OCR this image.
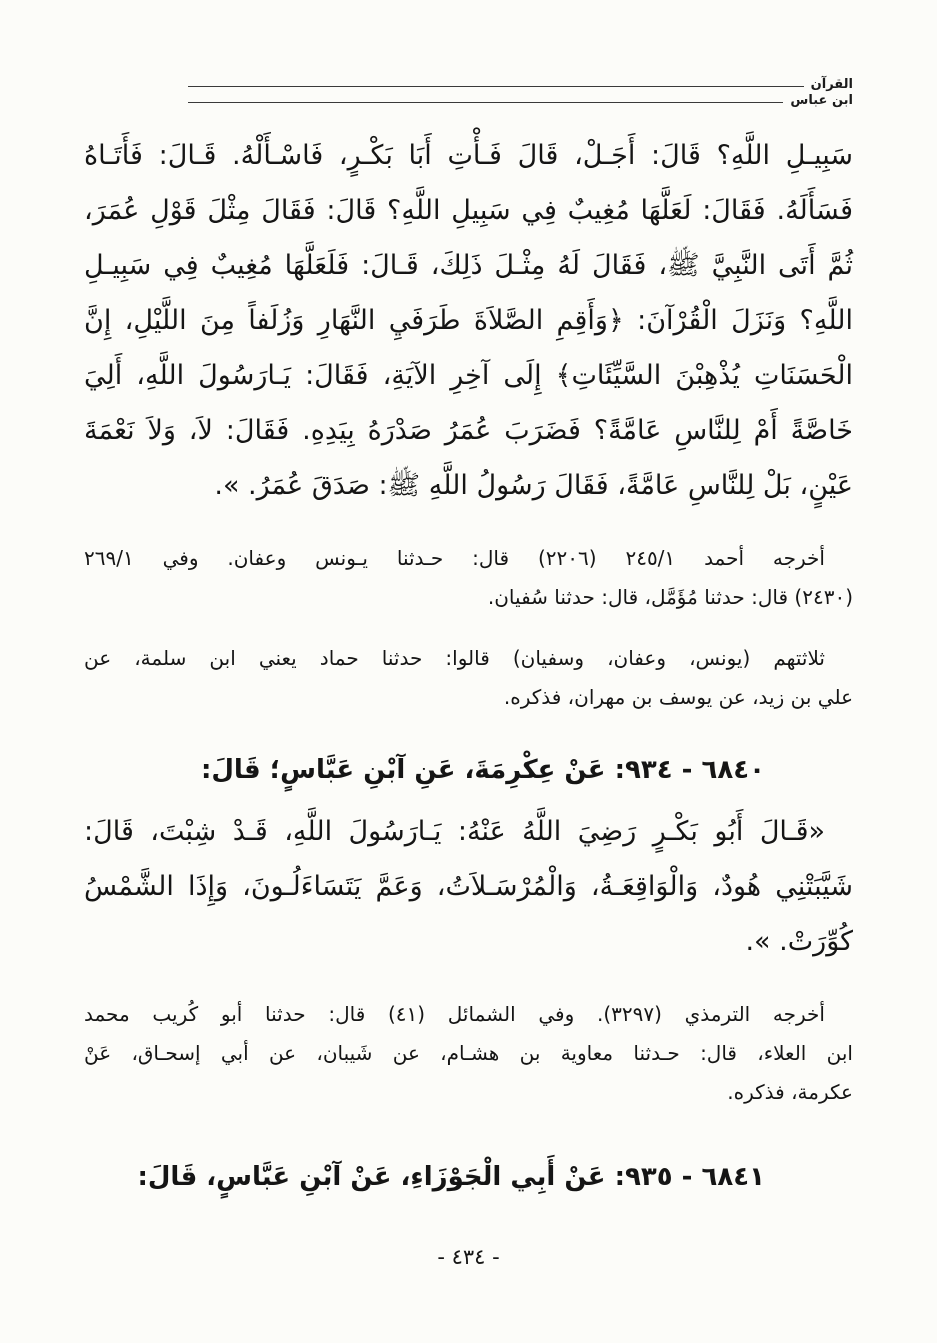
القرآن
ابن عباس
سَبِيـلِ اللَّهِ؟ قَالَ: أَجَـلْ، قَالَ فَـأْتِ أَبَا بَكْـرٍ، فَاسْـأَلْهُ. قَـالَ: فَأَتَـاهُ
فَسَأَلَهُ. فَقَالَ: لَعَلَّهَا مُغِيبٌ فِي سَبِيلِ اللَّهِ؟ قَالَ: فَقَالَ مِثْلَ قَوْلِ عُمَرَ،
ثُمَّ أَتَى النَّبِيَّ ﷺ، فَقَالَ لَهُ مِثْـلَ ذَلِكَ، قَـالَ: فَلَعَلَّهَا مُغِيبٌ فِي سَبِيـلِ
اللَّهِ؟ وَنَزَلَ الْقُرْآنَ: ﴿وَأَقِمِ الصَّلاَةَ طَرَفَيِ النَّهَارِ وَزُلَفاً مِنَ اللَّيْلِ، إِنَّ
الْحَسَنَاتِ يُذْهِبْنَ السَّيِّئَاتِ﴾ إِلَى آخِرِ الآيَةِ، فَقَالَ: يَـارَسُولَ اللَّهِ، أَلِيَ
خَاصَّةً أَمْ لِلنَّاسِ عَامَّةً؟ فَضَرَبَ عُمَرُ صَدْرَهُ بِيَدِهِ. فَقَالَ: لاَ، وَلاَ نَعْمَةَ
عَيْنٍ، بَلْ لِلنَّاسِ عَامَّةً، فَقَالَ رَسُولُ اللَّهِ ﷺ: صَدَقَ عُمَرُ. ».
أخرجه أحمد ٢٤٥/١ (٢٢٠٦) قال: حـدثنا يـونس وعفان. وفي ٢٦٩/١
(٢٤٣٠) قال: حدثنا مُؤَمَّل، قال: حدثنا سُفيان.
ثلاثتهم (يونس، وعفان، وسفيان) قالوا: حدثنا حماد يعني ابن سلمة، عن
علي بن زيد، عن يوسف بن مهران، فذكره.
٦٨٤٠ - ٩٣٤: عَنْ عِكْرِمَةَ، عَنِ آبْنِ عَبَّاسٍ؛ قَالَ:
«قَـالَ أَبُو بَكْـرٍ رَضِيَ اللَّهُ عَنْهُ: يَـارَسُولَ اللَّهِ، قَـدْ شِبْتَ، قَالَ:
شَيَّبَتْنِي هُودٌ، وَالْوَاقِعَـةُ، وَالْمُرْسَـلاَتُ، وَعَمَّ يَتَسَاءَلُـونَ، وَإِذَا الشَّمْسُ
كُوِّرَتْ. ».
أخرجه الترمذي (٣٢٩٧). وفي الشمائل (٤١) قال: حدثنا أبو كُريب محمد
ابن العلاء، قال: حـدثنا معاوية بن هشـام، عن شَيبان، عن أبي إسحـاق، عَنْ
عكرمة، فذكره.
٦٨٤١ - ٩٣٥: عَنْ أَبِي الْجَوْزَاءِ، عَنْ آبْنِ عَبَّاسٍ، قَالَ:
- ٤٣٤ -
